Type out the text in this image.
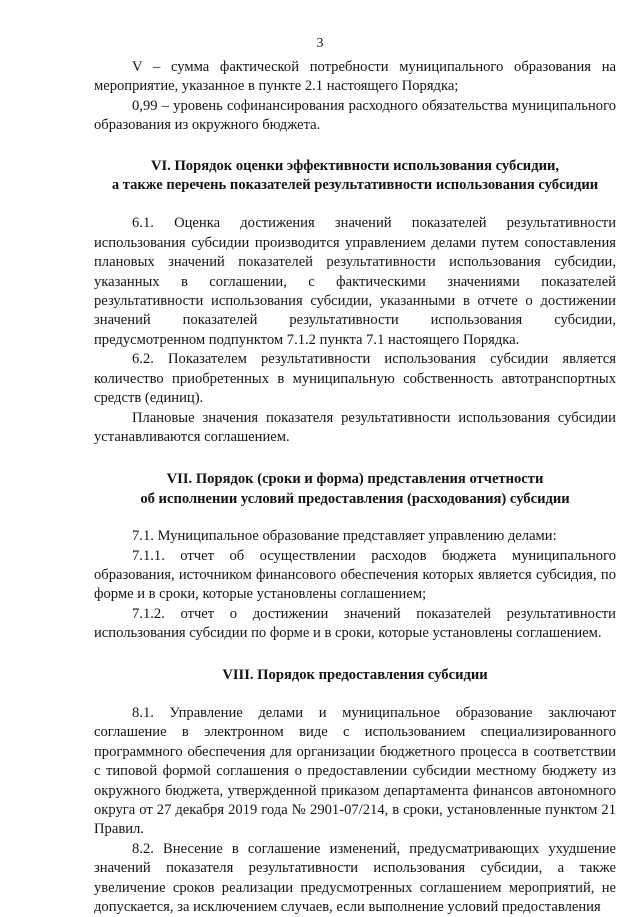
3

V – сумма фактической потребности муниципального образования на мероприятие, указанное в пункте 2.1 настоящего Порядка;

0,99 – уровень софинансирования расходного обязательства муниципального образования из окружного бюджета.

VI. Порядок оценки эффективности использования субсидии,
а также перечень показателей результативности использования субсидии

6.1. Оценка достижения значений показателей результативности использования субсидии производится управлением делами путем сопоставления плановых значений показателей результативности использования субсидии, указанных в соглашении, с фактическими значениями показателей результативности использования субсидии, указанными в отчете о достижении значений показателей результативности использования субсидии, предусмотренном подпунктом 7.1.2 пункта 7.1 настоящего Порядка.

6.2. Показателем результативности использования субсидии является количество приобретенных в муниципальную собственность автотранспортных средств (единиц).

Плановые значения показателя результативности использования субсидии устанавливаются соглашением.

VII. Порядок (сроки и форма) представления отчетности
об исполнении условий предоставления (расходования) субсидии

7.1. Муниципальное образование представляет управлению делами:

7.1.1. отчет об осуществлении расходов бюджета муниципального образования, источником финансового обеспечения которых является субсидия, по форме и в сроки, которые установлены соглашением;

7.1.2. отчет о достижении значений показателей результативности использования субсидии по форме и в сроки, которые установлены соглашением.

VIII. Порядок предоставления субсидии

8.1. Управление делами и муниципальное образование заключают соглашение в электронном виде с использованием специализированного программного обеспечения для организации бюджетного процесса в соответствии с типовой формой соглашения о предоставлении субсидии местному бюджету из окружного бюджета, утвержденной приказом департамента финансов автономного округа от 27 декабря 2019 года № 2901-07/214, в сроки, установленные пунктом 21 Правил.

8.2. Внесение в соглашение изменений, предусматривающих ухудшение значений показателя результативности использования субсидии, а также увеличение сроков реализации предусмотренных соглашением мероприятий, не допускается, за исключением случаев, если выполнение условий предоставления
